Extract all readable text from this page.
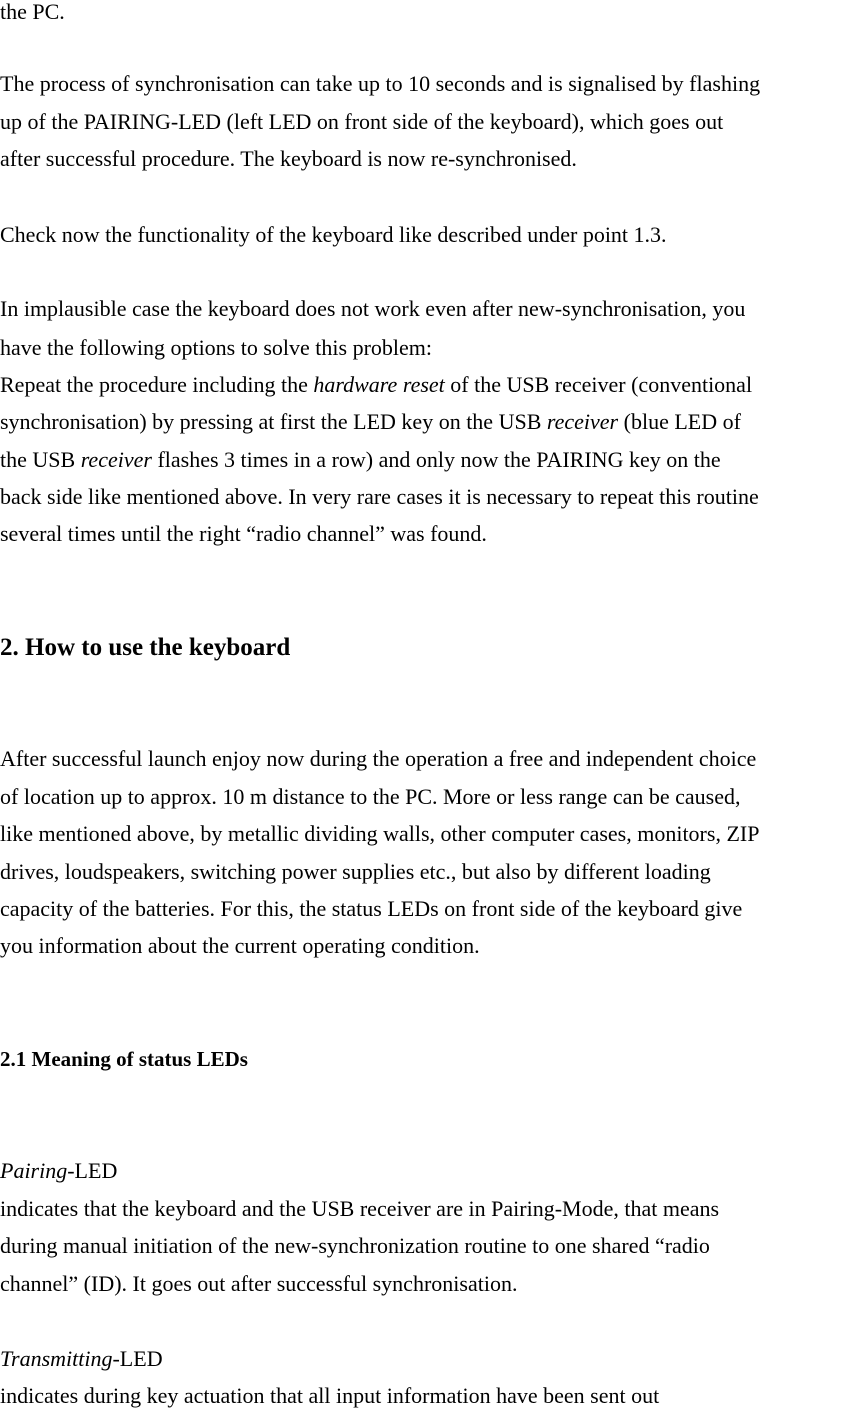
the PC.

The process of synchronisation can take up to 10 seconds and is signalised by flashing

up of the PAIRING-LED (left LED on front side of the keyboard), which goes out

after successful procedure. The keyboard is now re-synchronised.

Check now the functionality of the keyboard like described under point 1.3.

In implausible case the keyboard does not work even after new-synchronisation, you

have the following options to solve this problem:

Repeat the procedure including the hardware reset of the USB receiver (conventional

synchronisation) by pressing at first the LED key on the USB receiver (blue LED of

the USB receiver flashes 3 times in a row) and only now the PAIRING key on the

back side like mentioned above. In very rare cases it is necessary to repeat this routine

several times until the right “radio channel” was found.

2. How to use the keyboard

After successful launch enjoy now during the operation a free and independent choice

of location up to approx. 10 m distance to the PC. More or less range can be caused,

like mentioned above, by metallic dividing walls, other computer cases, monitors, ZIP

drives, loudspeakers, switching power supplies etc., but also by different loading

capacity of the batteries. For this, the status LEDs on front side of the keyboard give

you information about the current operating condition.

2.1 Meaning of status LEDs

Pairing-LED

indicates that the keyboard and the USB receiver are in Pairing-Mode, that means

during manual initiation of the new-synchronization routine to one shared “radio

channel” (ID). It goes out after successful synchronisation.

Transmitting-LED

indicates during key actuation that all input information have been sent out
